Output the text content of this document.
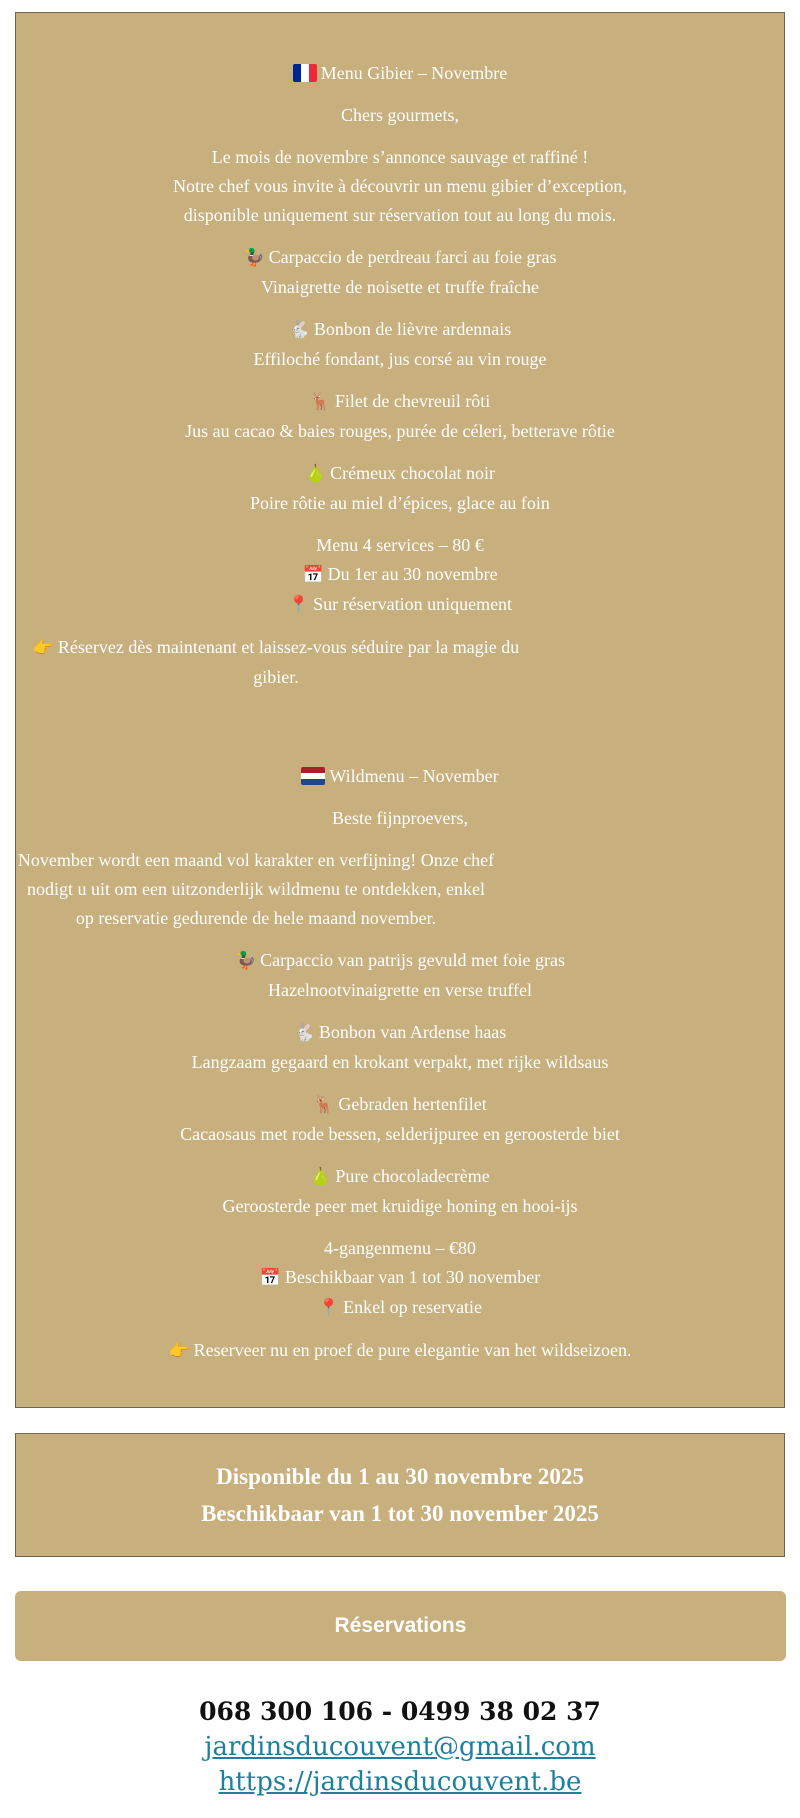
Menu Gibier – Novembre

Chers gourmets,

Le mois de novembre s’annonce sauvage et raffiné !

Notre chef vous invite à découvrir un menu gibier d’exception, disponible uniquement sur réservation tout au long du mois.

🦆 Carpaccio de perdreau farci au foie gras
Vinaigrette de noisette et truffe fraîche

🐇 Bonbon de lièvre ardennais
Effiloché fondant, jus corsé au vin rouge

🦌 Filet de chevreuil rôti
Jus au cacao & baies rouges, purée de céleri, betterave rôtie

🍐 Crémeux chocolat noir
Poire rôtie au miel d’épices, glace au foin

Menu 4 services – 80 €
📅 Du 1er au 30 novembre
📍 Sur réservation uniquement

👉 Réservez dès maintenant et laissez-vous séduire par la magie du gibier.

Wildmenu – November

Beste fijnproevers,

November wordt een maand vol karakter en verfijning! Onze chef nodigt u uit om een uitzonderlijk wildmenu te ontdekken, enkel op reservatie gedurende de hele maand november.

🦆 Carpaccio van patrijs gevuld met foie gras
Hazelnootvinaigrette en verse truffel

🐇 Bonbon van Ardense haas
Langzaam gegaard en krokant verpakt, met rijke wildsaus

🦌 Gebraden hertenfilet
Cacaosaus met rode bessen, selderijpuree en geroosterde biet

🍐 Pure chocoladecrème
Geroosterde peer met kruidige honing en hooi-ijs

4-gangenmenu – €80
📅 Beschikbaar van 1 tot 30 november
📍 Enkel op reservatie

👉 Reserveer nu en proef de pure elegantie van het wildseizoen.

Disponible du 1 au 30 novembre 2025
Beschikbaar van 1 tot 30 november 2025
Réservations
068 300 106 - 0499 38 02 37
jardinsducouvent@gmail.com
https://jardinsducouvent.be
